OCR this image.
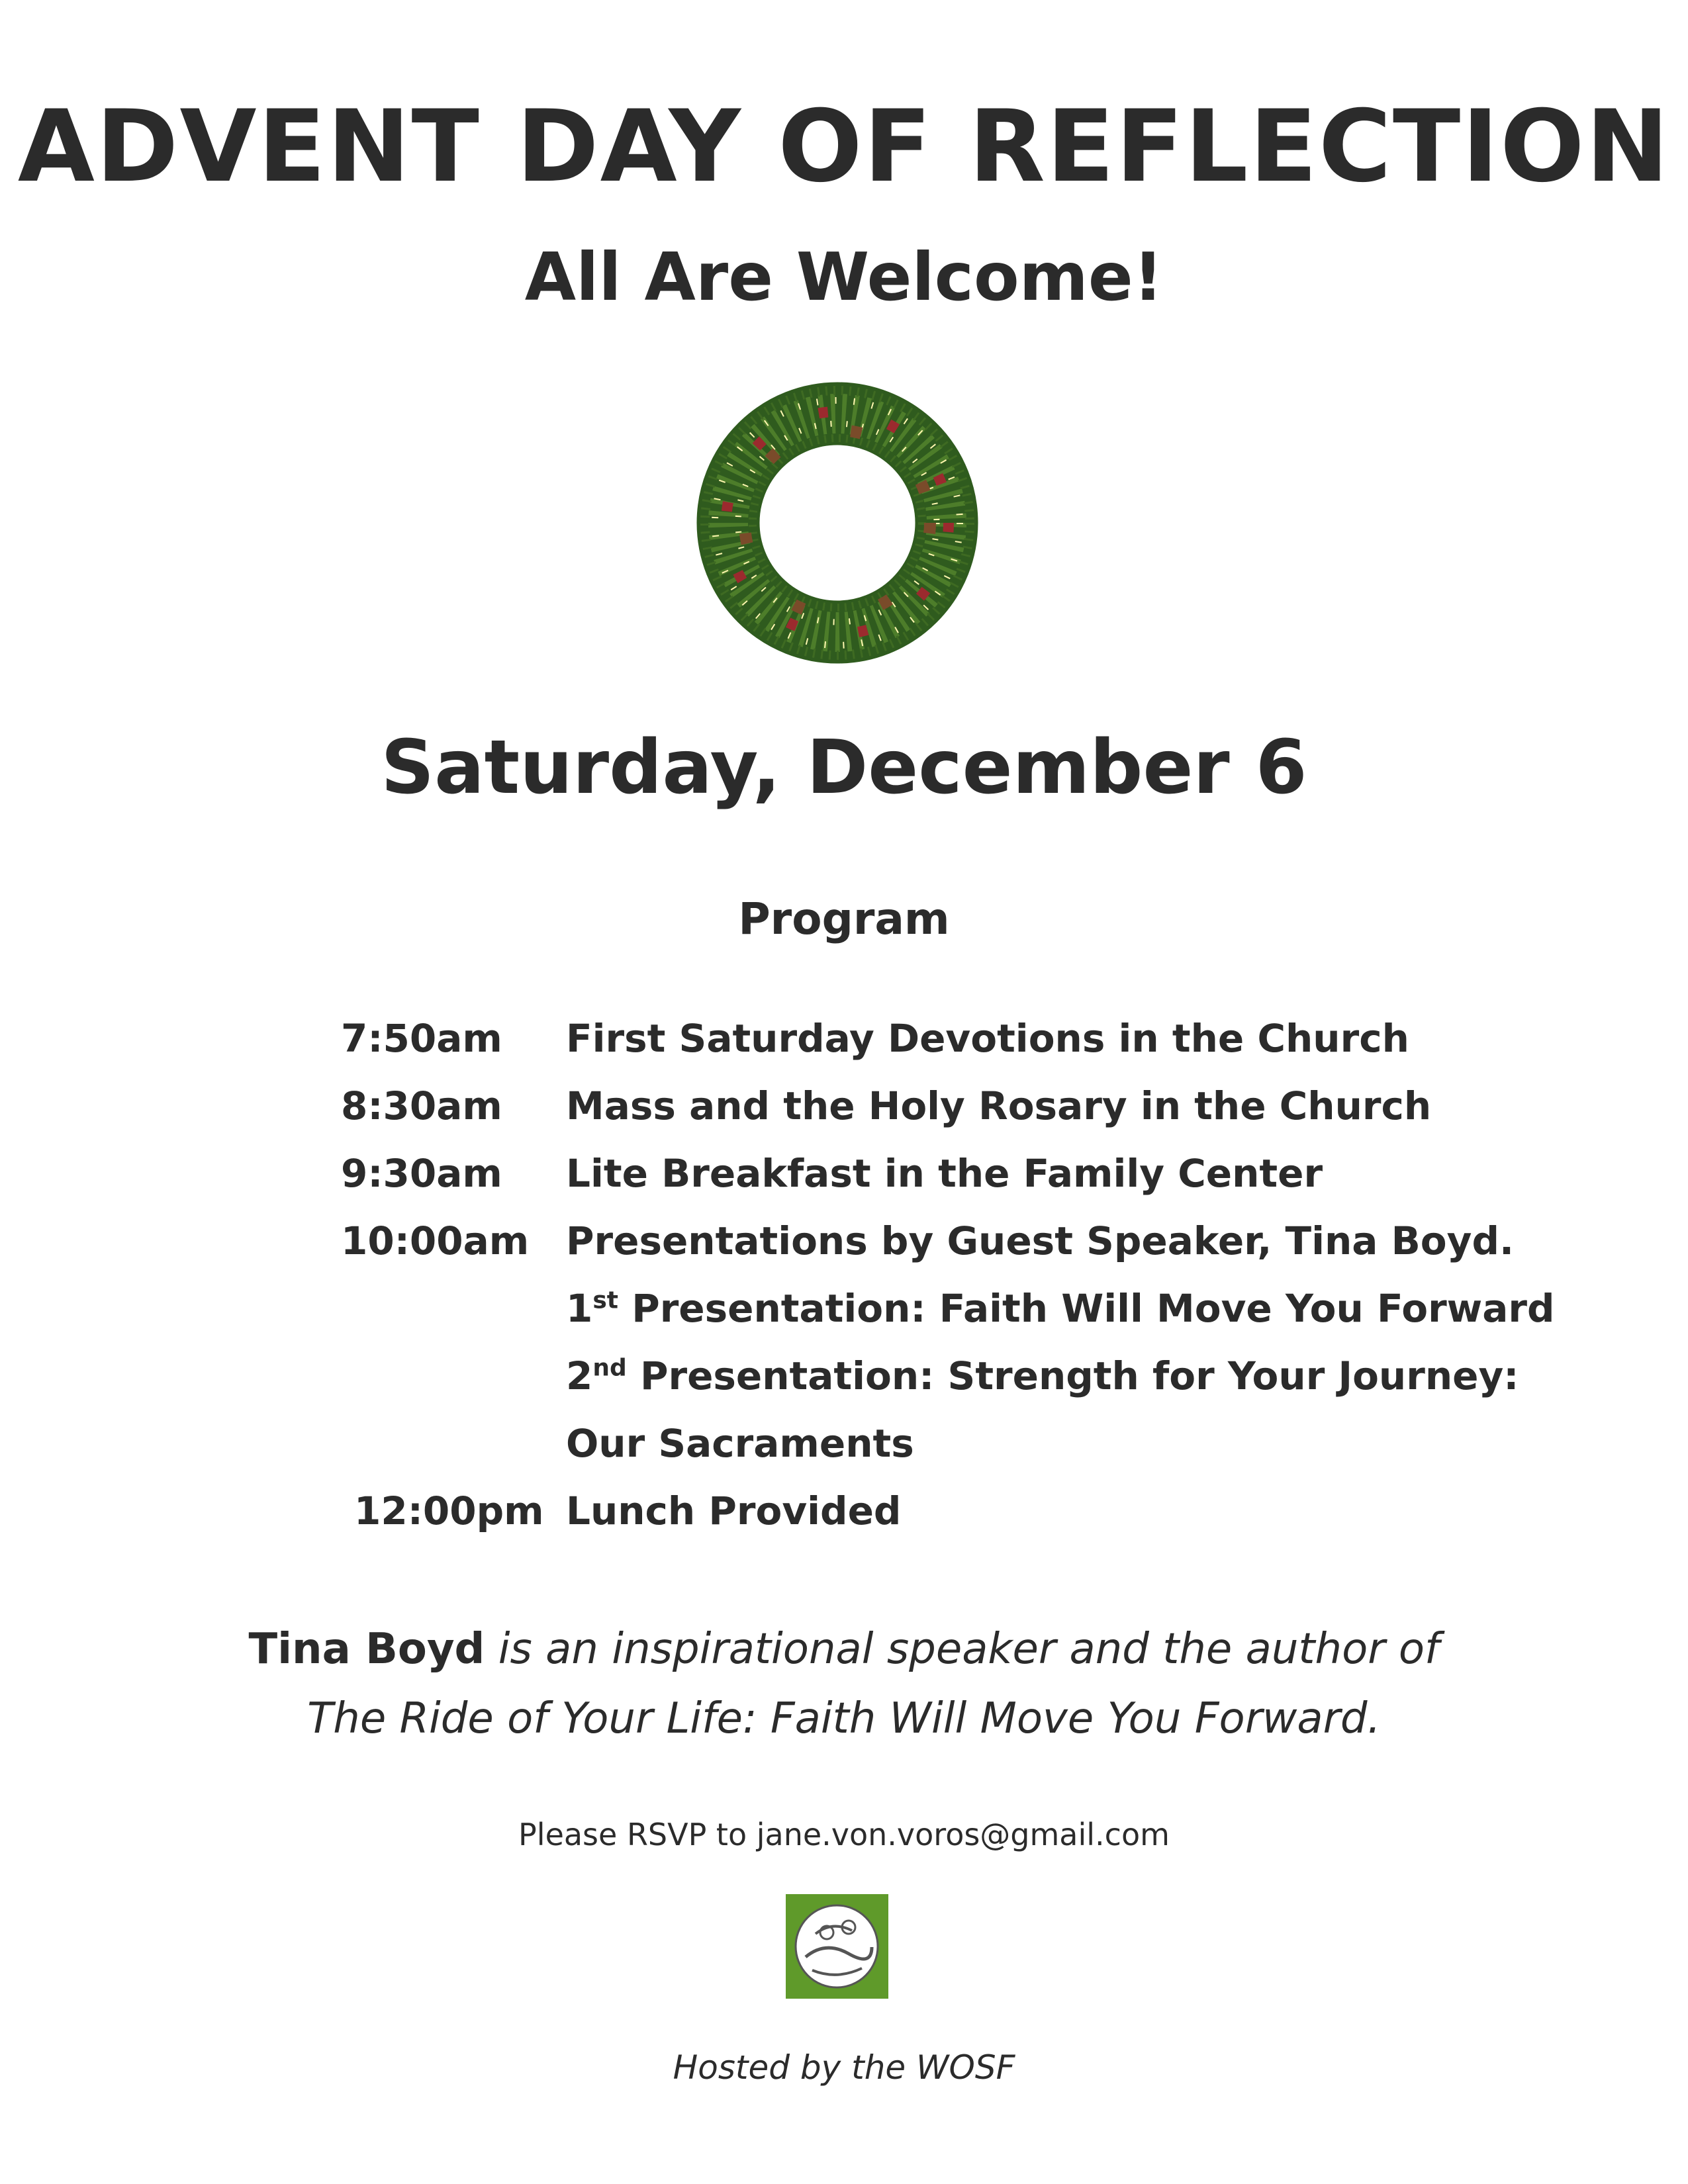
ADVENT DAY OF REFLECTION
All Are Welcome!
Saturday, December 6
Program
7:50am	First Saturday Devotions in the Church
8:30am	Mass and the Holy Rosary in the Church
9:30am	Lite Breakfast in the Family Center
10:00am Presentations by Guest Speaker, Tina Boyd.
1st Presentation: Faith Will Move You Forward
2nd Presentation: Strength for Your Journey:
Our Sacraments
12:00pm Lunch Provided
Tina Boyd is an inspirational speaker and the author of
The Ride of Your Life: Faith Will Move You Forward.
Please RSVP to jane.von.voros@gmail.com
Hosted by the WOSF
